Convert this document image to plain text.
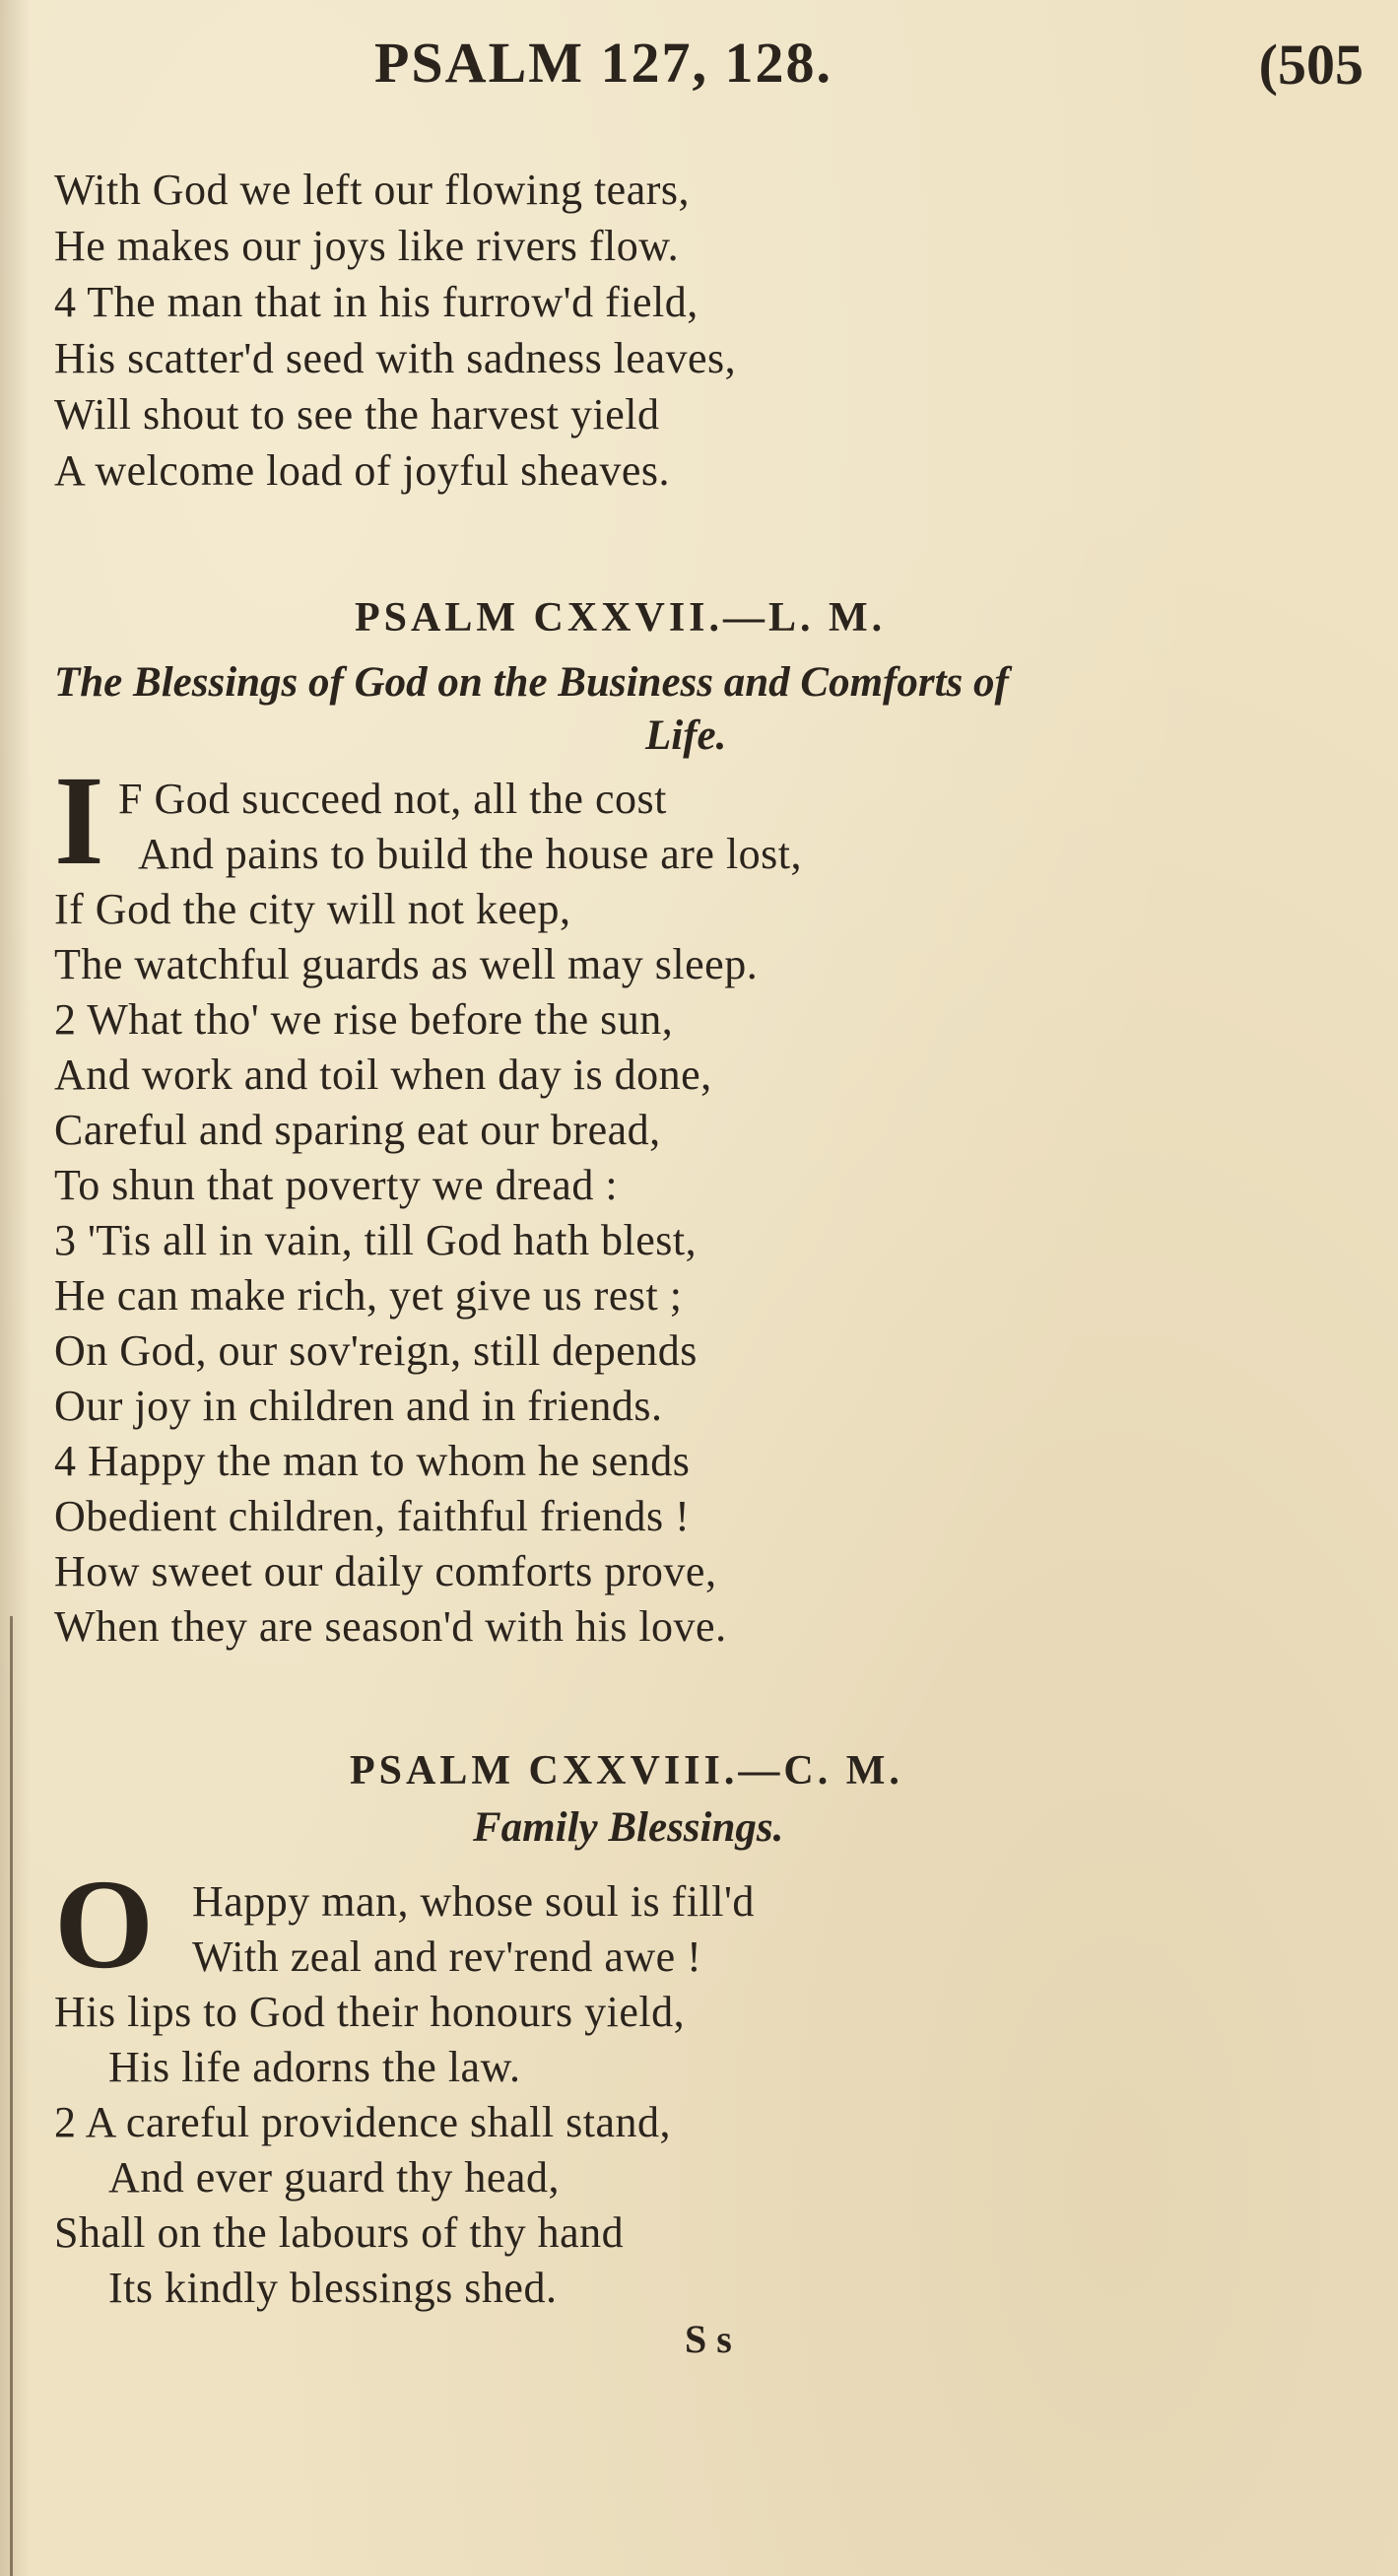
PSALM 127, 128.	(505
With God we left our flowing tears,
He makes our joys like rivers flow.
4 The man that in his furrow'd field,
His scatter'd seed with sadness leaves,
Will shout to see the harvest yield
A welcome load of joyful sheaves.
PSALM CXXVII.—L. M.
The Blessings of God on the Business and Comforts of
Life.
I F God succeed not, all the cost
And pains to build the house are lost,
If God the city will not keep,
The watchful guards as well may sleep.
2 What tho' we rise before the sun,
And work and toil when day is done,
Careful and sparing eat our bread,
To shun that poverty we dread :
3 'Tis all in vain, till God hath blest,
He can make rich, yet give us rest ;
On God, our sov'reign, still depends
Our joy in children and in friends.
4 Happy the man to whom he sends
Obedient children, faithful friends !
How sweet our daily comforts prove,
When they are season'd with his love.
PSALM CXXVIII.—C. M.
Family Blessings.
O Happy man, whose soul is fill'd
With zeal and rev'rend awe !
His lips to God their honours yield,
His life adorns the law.
2 A careful providence shall stand,
And ever guard thy head,
Shall on the labours of thy hand
Its kindly blessings shed.
S s
